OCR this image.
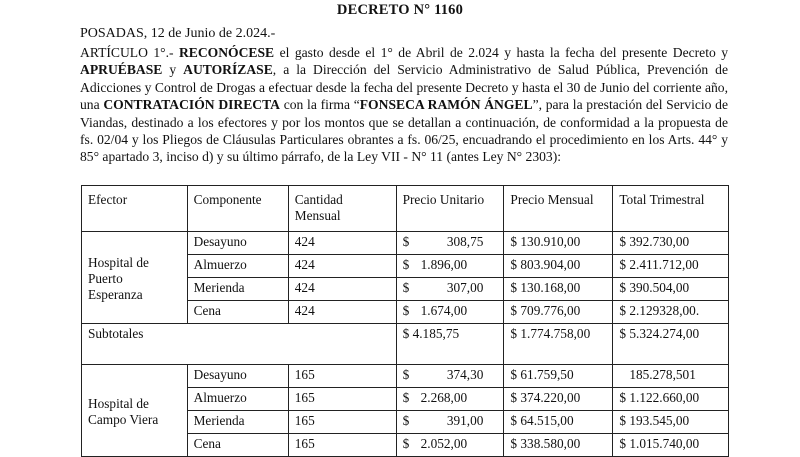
DECRETO N° 1160
POSADAS, 12 de Junio de 2.024.-

ARTÍCULO 1°.- RECONÓCESE el gasto desde el 1° de Abril de 2.024 y hasta la fecha del presente Decreto y APRUÉBASE y AUTORÍZASE, a la Dirección del Servicio Administrativo de Salud Pública, Prevención de Adicciones y Control de Drogas a efectuar desde la fecha del presente Decreto y hasta el 30 de Junio del corriente año, una CONTRATACIÓN DIRECTA con la firma “FONSECA RAMÓN ÁNGEL”, para la prestación del Servicio de Viandas, destinado a los efectores y por los montos que se detallan a continuación, de conformidad a la propuesta de fs. 02/04 y los Pliegos de Cláusulas Particulares obrantes a fs. 06/25, encuadrando el procedimiento en los Arts. 44° y 85° apartado 3, inciso d) y su último párrafo, de la Ley VII - N° 11 (antes Ley N° 2303):

Efector	Componente	Cantidad Mensual	Precio Unitario	Precio Mensual	Total Trimestral
Hospital de Puerto Esperanza	Desayuno	424	$ 308,75	$ 130.910,00	$ 392.730,00
	Almuerzo	424	$ 1.896,00	$ 803.904,00	$ 2.411.712,00
	Merienda	424	$ 307,00	$ 130.168,00	$ 390.504,00
	Cena	424	$ 1.674,00	$ 709.776,00	$ 2.129328,00.
Subtotales			$ 4.185,75	$ 1.774.758,00	$ 5.324.274,00
Hospital de Campo Viera	Desayuno	165	$ 374,30	$ 61.759,50	185.278,501
	Almuerzo	165	$ 2.268,00	$ 374.220,00	$ 1.122.660,00
	Merienda	165	$ 391,00	$ 64.515,00	$ 193.545,00
	Cena	165	$ 2.052,00	$ 338.580,00	$ 1.015.740,00
